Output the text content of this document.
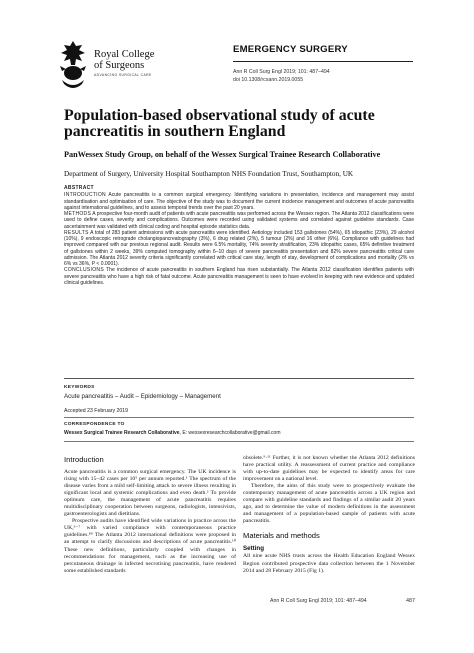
Royal College
of Surgeons
ADVANCING SURGICAL CARE
EMERGENCY SURGERY
Ann R Coll Surg Engl 2019; 101: 487–494
doi 10.1308/rcsann.2019.0055
Population-based observational study of acute pancreatitis in southern England
PanWessex Study Group, on behalf of the Wessex Surgical Trainee Research Collaborative
Department of Surgery, University Hospital Southampton NHS Foundation Trust, Southampton, UK
ABSTRACT
INTRODUCTION Acute pancreatitis is a common surgical emergency. Identifying variations in presentation, incidence and management may assist standardisation and optimisation of care. The objective of the study was to document the current incidence management and outcomes of acute pancreatitis against international guidelines, and to assess temporal trends over the past 20 years.
METHODS A prospective four-month audit of patients with acute pancreatitis was performed across the Wessex region. The Atlanta 2012 classifications were used to define cases, severity and complications. Outcomes were recorded using validated systems and correlated against guideline standards. Case ascertainment was validated with clinical coding and hospital episode statistics data.
RESULTS A total of 283 patient admissions with acute pancreatitis were identified. Aetiology included 153 gallstones (54%), 65 idiopathic (23%), 29 alcohol (10%), 9 endoscopic retrograde cholangiopancreatography (3%), 6 drug related (2%), 5 tumour (2%) and 16 other (6%). Compliance with guidelines had improved compared with our previous regional audit. Results were 6.5% mortality, 74% severity stratification, 23% idiopathic cases, 65% definitive treatment of gallstones within 2 weeks, 39% computed tomography within 6–10 days of severe pancreatitis presentation and 82% severe pancreatitis critical care admission. The Atlanta 2012 severity criteria significantly correlated with critical care stay, length of stay, development of complications and mortality (2% vs 6% vs 36%, P < 0.0001).
CONCLUSIONS The incidence of acute pancreatitis in southern England has risen substantially. The Atlanta 2012 classification identifies patients with severe pancreatitis who have a high risk of fatal outcome. Acute pancreatitis management is seen to have evolved in keeping with new evidence and updated clinical guidelines.
KEYWORDS
Acute pancreatitis – Audit – Epidemiology – Management
Accepted 23 February 2019
CORRESPONDENCE TO
Wessex Surgical Trainee Research Collaborative, E: wessexresearchcollaborative@gmail.com
Introduction

Acute pancreatitis is a common surgical emergency. The UK incidence is rising with 15–42 cases per 10⁵ per annum reported.¹ The spectrum of the disease varies from a mild self-limiting attack to severe illness resulting in significant local and systemic complications and even death.² To provide optimum care, the management of acute pancreatitis requires multidisciplinary cooperation between surgeons, radiologists, intensivists, gastroenterologists and dietitians.

Prospective audits have identified wide variations in practice across the UK,³⁻⁷ with varied compliance with contemporaneous practice guidelines.⁸⁹ The Atlanta 2012 international definitions were proposed in an attempt to clarify discussions and descriptions of acute pancreatitis.¹⁰ These new definitions, particularly coupled with changes in recommendations for management, such as the increasing use of percutaneous drainage in infected necrotising pancreatitis, have rendered some established standards

obsolete.⁹·¹¹ Further, it is not known whether the Atlanta 2012 definitions have practical utility. A reassessment of current practice and compliance with up-to-date guidelines may be expected to identify areas for care improvement on a national level.

Therefore, the aims of this study were to prospectively evaluate the contemporary management of acute pancreatitis across a UK region and compare with guideline standards and findings of a similar audit 20 years ago, and to determine the value of modern definitions in the assessment and management of a population-based sample of patients with acute pancreatitis.

Materials and methods
Setting

All nine acute NHS trusts across the Health Education England Wessex Region contributed prospective data collection between the 1 November 2014 and 28 February 2015 (Fig 1).

Ann R Coll Surg Engl 2019; 101: 487–494	487
